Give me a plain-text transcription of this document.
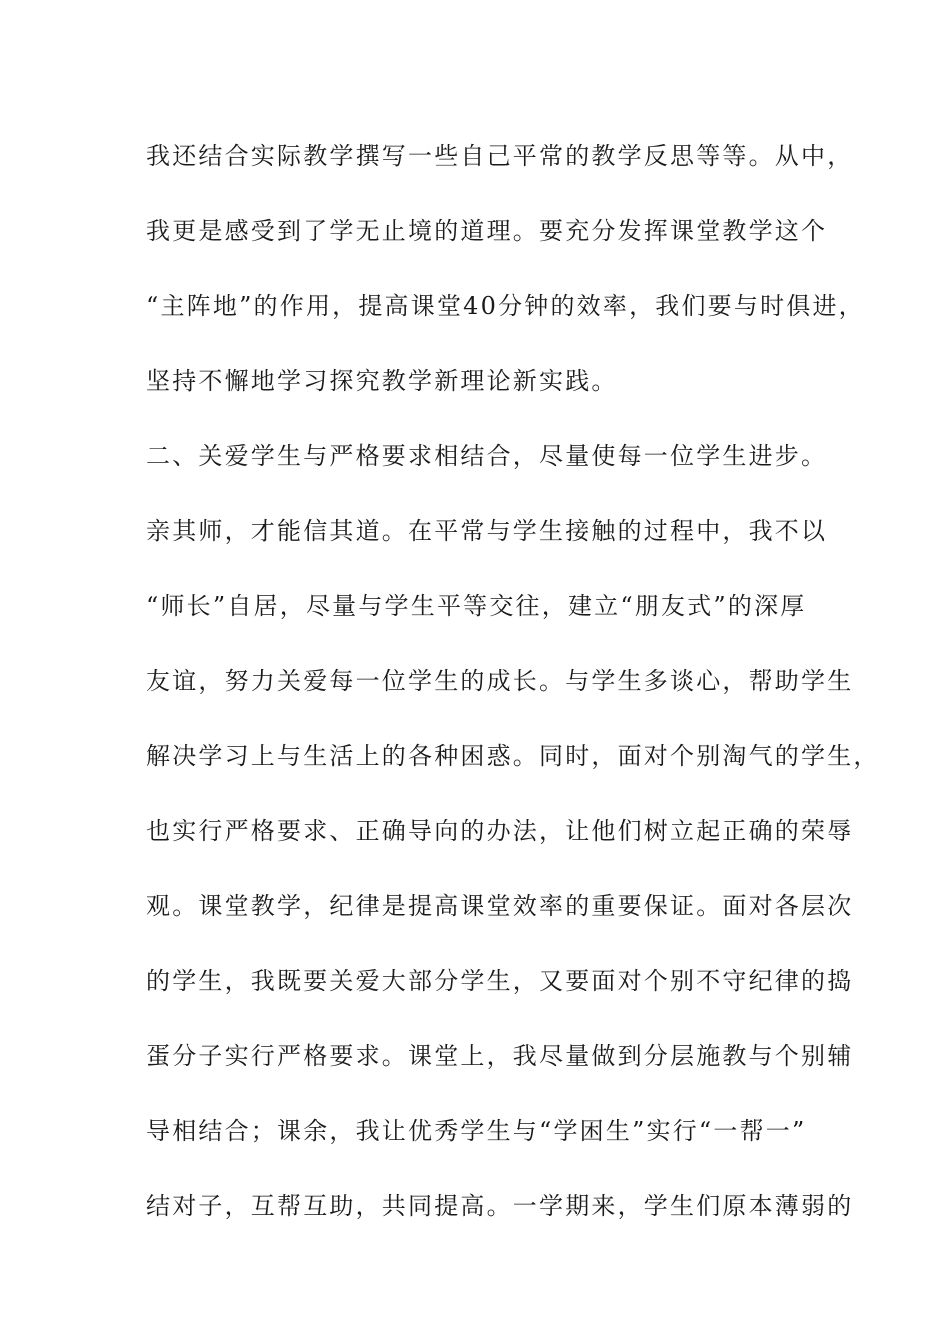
我还结合实际教学撰写一些自己平常的教学反思等等。从中，
我更是感受到了学无止境的道理。要充分发挥课堂教学这个
“主阵地”的作用，提高课堂40分钟的效率，我们要与时俱进，
坚持不懈地学习探究教学新理论新实践。
二、关爱学生与严格要求相结合，尽量使每一位学生进步。
亲其师，才能信其道。在平常与学生接触的过程中，我不以
“师长”自居，尽量与学生平等交往，建立“朋友式”的深厚
友谊，努力关爱每一位学生的成长。与学生多谈心，帮助学生
解决学习上与生活上的各种困惑。同时，面对个别淘气的学生，
也实行严格要求、正确导向的办法，让他们树立起正确的荣辱
观。课堂教学，纪律是提高课堂效率的重要保证。面对各层次
的学生，我既要关爱大部分学生，又要面对个别不守纪律的捣
蛋分子实行严格要求。课堂上，我尽量做到分层施教与个别辅
导相结合；课余，我让优秀学生与“学困生”实行“一帮一”
结对子，互帮互助，共同提高。一学期来，学生们原本薄弱的
